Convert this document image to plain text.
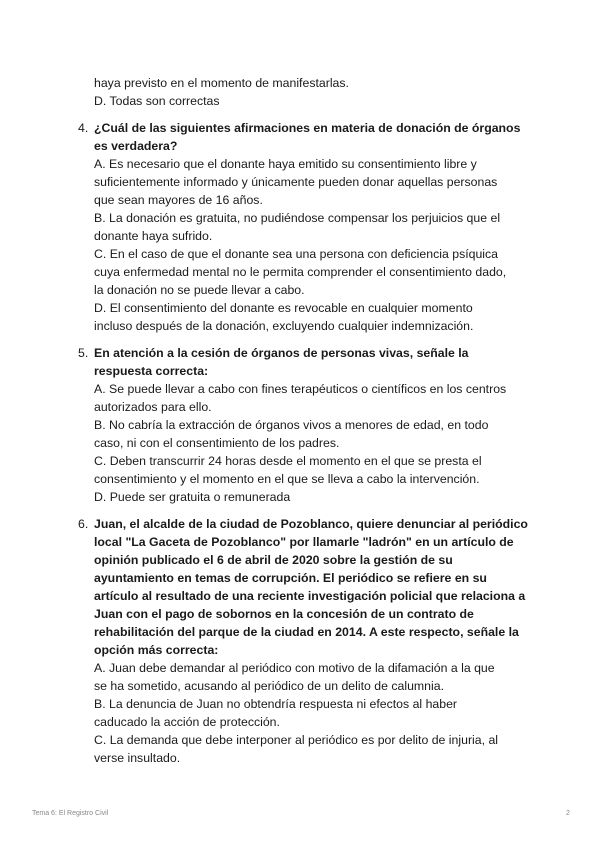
haya previsto en el momento de manifestarlas.

D. Todas son correctas

4. ¿Cuál de las siguientes afirmaciones en materia de donación de órganos
es verdadera?

A. Es necesario que el donante haya emitido su consentimiento libre y

suficientemente informado y únicamente pueden donar aquellas personas

que sean mayores de 16 años.

B. La donación es gratuita, no pudiéndose compensar los perjuicios que el

donante haya sufrido.

C. En el caso de que el donante sea una persona con deficiencia psíquica

cuya enfermedad mental no le permita comprender el consentimiento dado,

la donación no se puede llevar a cabo.

D. El consentimiento del donante es revocable en cualquier momento

incluso después de la donación, excluyendo cualquier indemnización.

5. En atención a la cesión de órganos de personas vivas, señale la
respuesta correcta:

A. Se puede llevar a cabo con fines terapéuticos o científicos en los centros

autorizados para ello.

B. No cabría la extracción de órganos vivos a menores de edad, en todo

caso, ni con el consentimiento de los padres.

C. Deben transcurrir 24 horas desde el momento en el que se presta el

consentimiento y el momento en el que se lleva a cabo la intervención.

D. Puede ser gratuita o remunerada

6. Juan, el alcalde de la ciudad de Pozoblanco, quiere denunciar al periódico
local "La Gaceta de Pozoblanco" por llamarle "ladrón" en un artículo de
opinión publicado el 6 de abril de 2020 sobre la gestión de su
ayuntamiento en temas de corrupción. El periódico se refiere en su
artículo al resultado de una reciente investigación policial que relaciona a
Juan con el pago de sobornos en la concesión de un contrato de
rehabilitación del parque de la ciudad en 2014. A este respecto, señale la
opción más correcta:

A. Juan debe demandar al periódico con motivo de la difamación a la que

se ha sometido, acusando al periódico de un delito de calumnia.

B. La denuncia de Juan no obtendría respuesta ni efectos al haber

caducado la acción de protección.

C. La demanda que debe interponer al periódico es por delito de injuria, al

verse insultado.

Tema 6: El Registro Civil	2
